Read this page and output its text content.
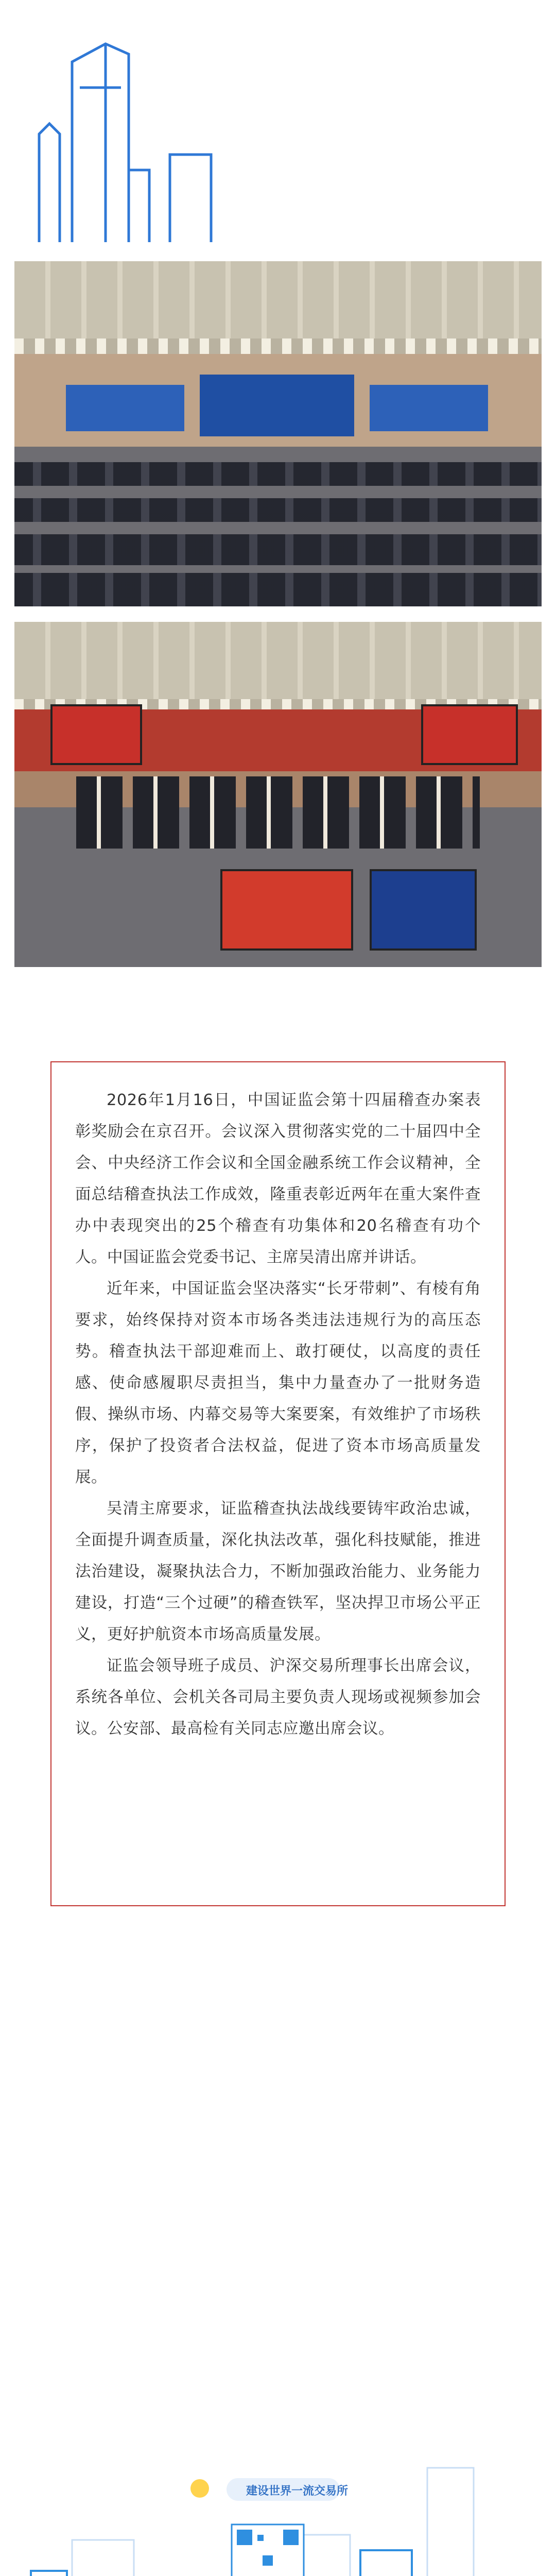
2026年1月16日，中国证监会第十四届稽查办案表彰奖励会在京召开。会议深入贯彻落实党的二十届四中全会、中央经济工作会议和全国金融系统工作会议精神，全面总结稽查执法工作成效，隆重表彰近两年在重大案件查办中表现突出的25个稽查有功集体和20名稽查有功个人。中国证监会党委书记、主席吴清出席并讲话。

近年来，中国证监会坚决落实“长牙带刺”、有棱有角要求，始终保持对资本市场各类违法违规行为的高压态势。稽查执法干部迎难而上、敢打硬仗，以高度的责任感、使命感履职尽责担当，集中力量查办了一批财务造假、操纵市场、内幕交易等大案要案，有效维护了市场秩序，保护了投资者合法权益，促进了资本市场高质量发展。

吴清主席要求，证监稽查执法战线要铸牢政治忠诚，全面提升调查质量，深化执法改革，强化科技赋能，推进法治建设，凝聚执法合力，不断加强政治能力、业务能力建设，打造“三个过硬”的稽查铁军，坚决捍卫市场公平正义，更好护航资本市场高质量发展。

证监会领导班子成员、沪深交易所理事长出席会议，系统各单位、会机关各司局主要负责人现场或视频参加会议。公安部、最高检有关同志应邀出席会议。

建设世界一流交易所
